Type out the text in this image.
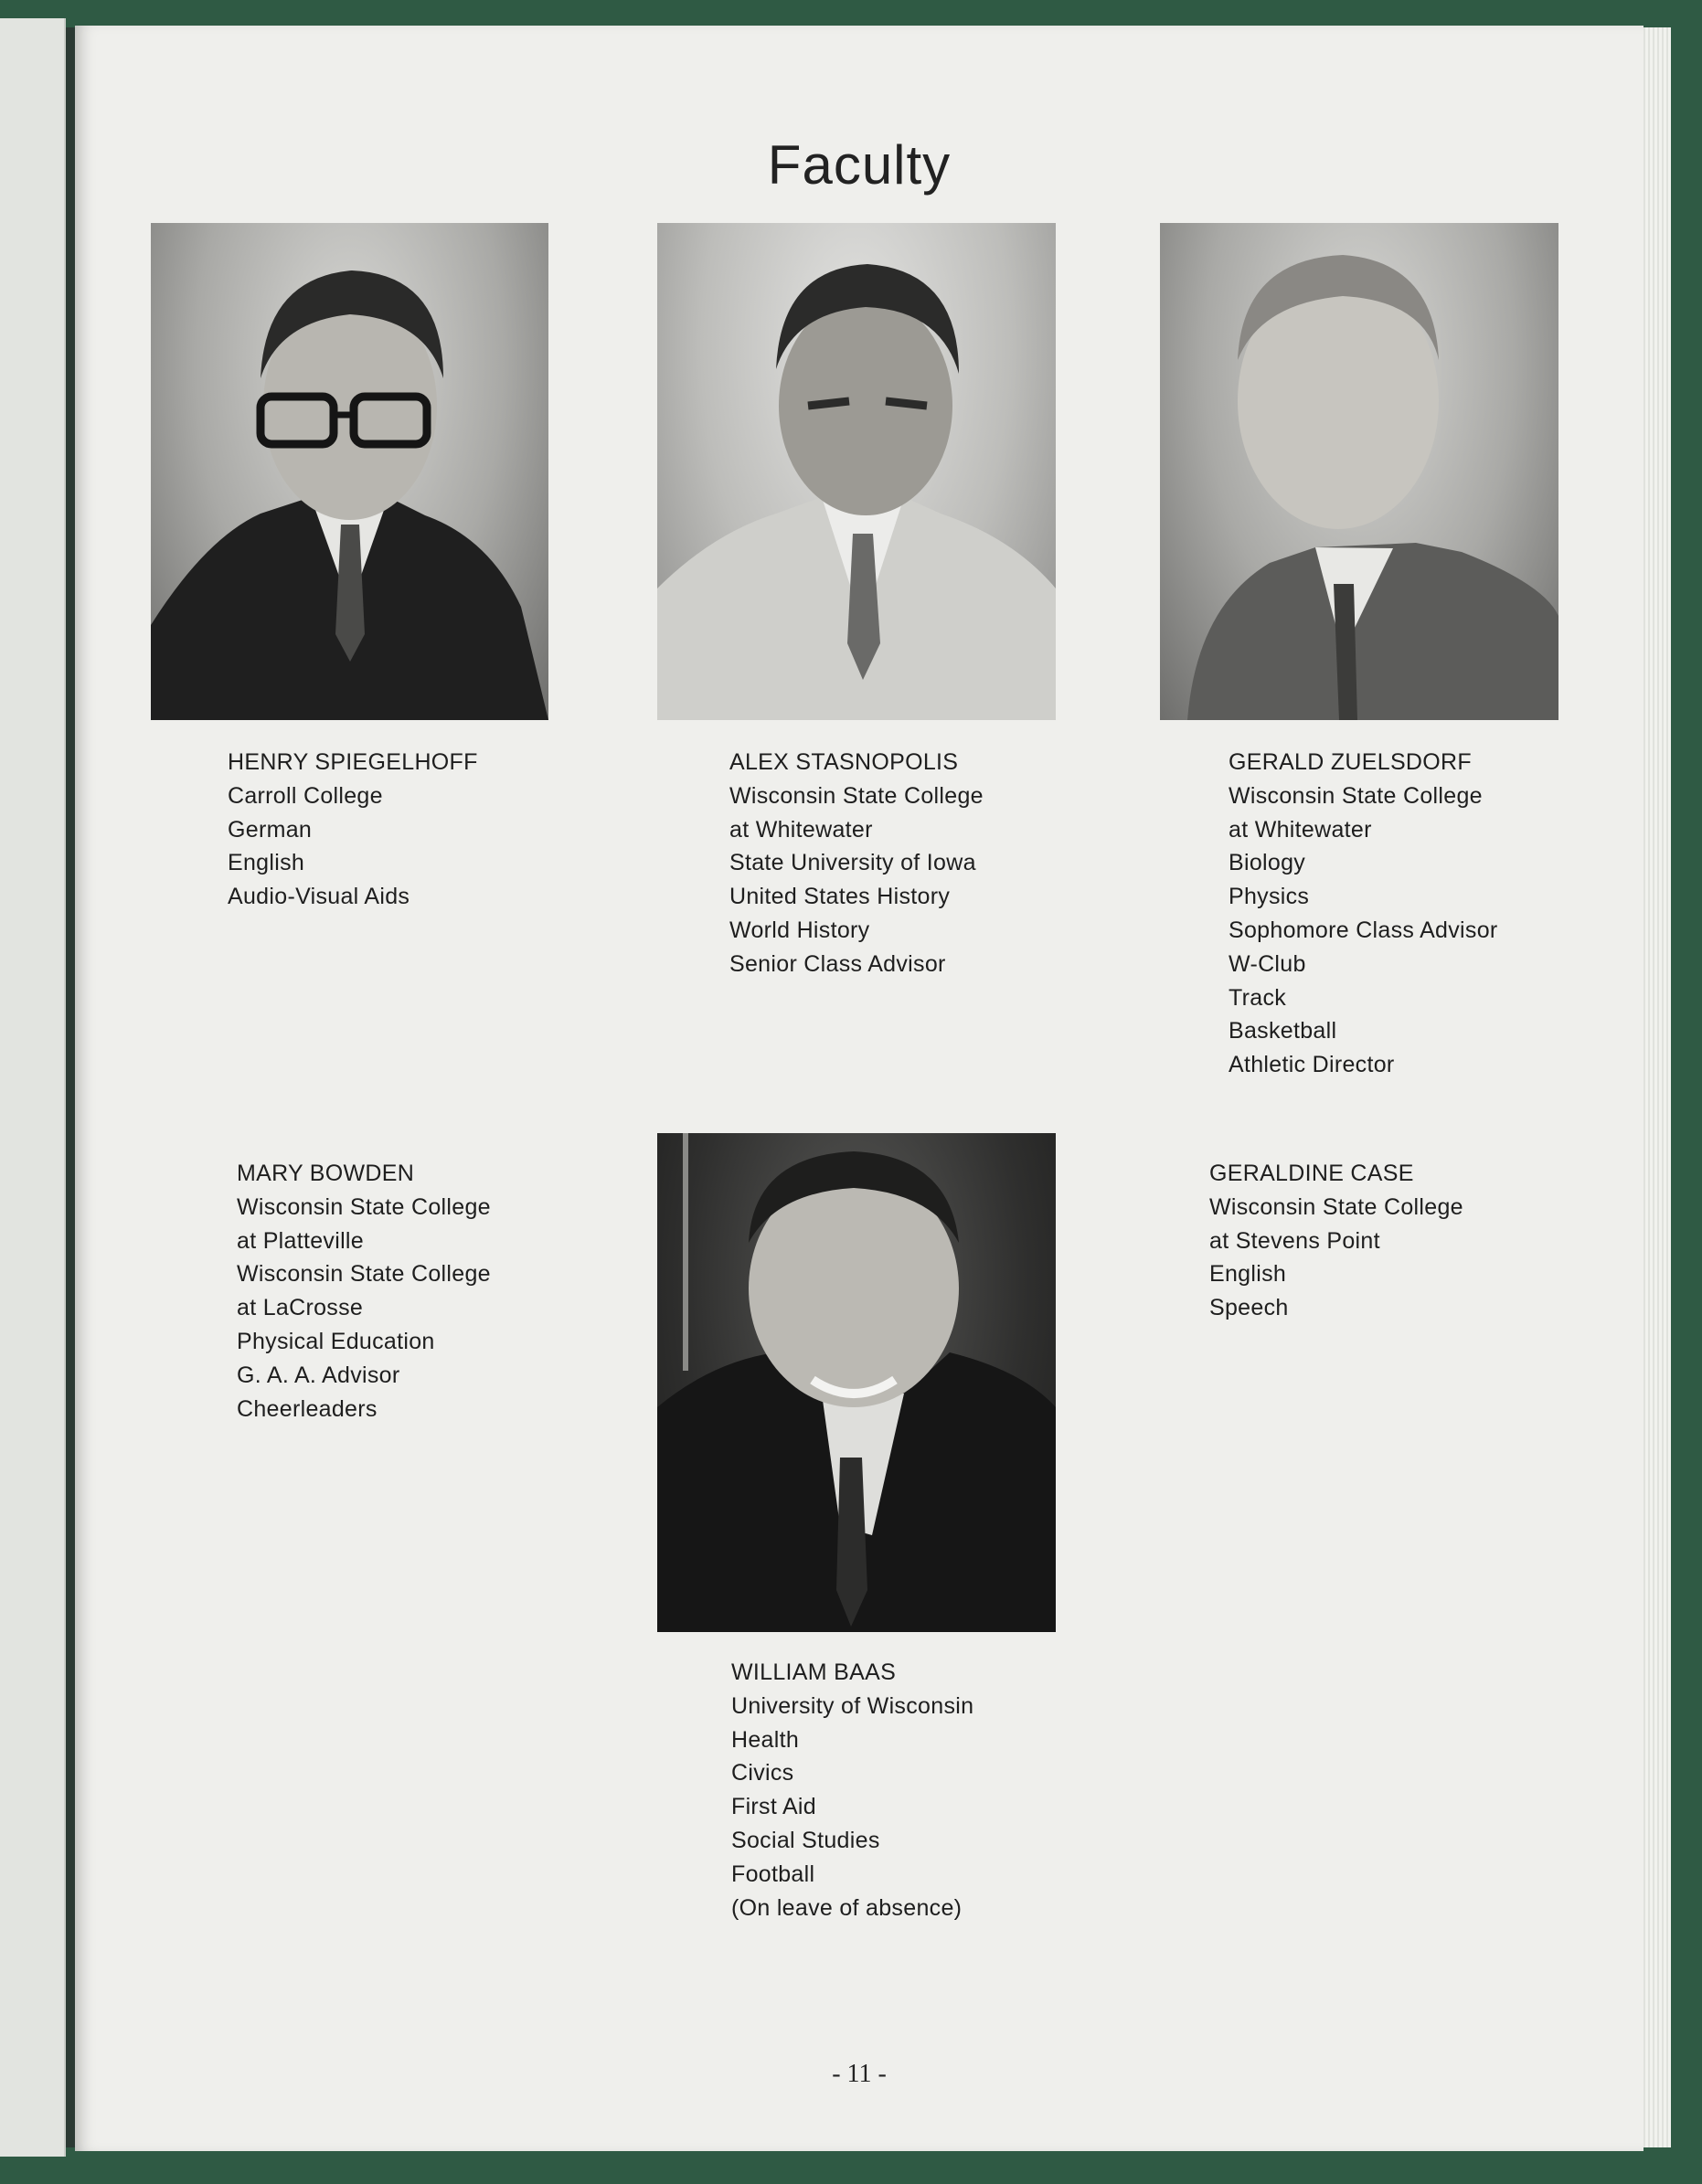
Faculty
HENRY SPIEGELHOFF
Carroll College
German
English
Audio-Visual Aids
ALEX STASNOPOLIS
Wisconsin State College
at Whitewater
State University of Iowa
United States History
World History
Senior Class Advisor
GERALD ZUELSDORF
Wisconsin State College
at Whitewater
Biology
Physics
Sophomore Class Advisor
W-Club
Track
Basketball
Athletic Director
MARY BOWDEN
Wisconsin State College
at Platteville
Wisconsin State College
at LaCrosse
Physical Education
G. A. A. Advisor
Cheerleaders
GERALDINE CASE
Wisconsin State College
at Stevens Point
English
Speech
WILLIAM BAAS
University of Wisconsin
Health
Civics
First Aid
Social Studies
Football
(On leave of absence)
- 11 -
